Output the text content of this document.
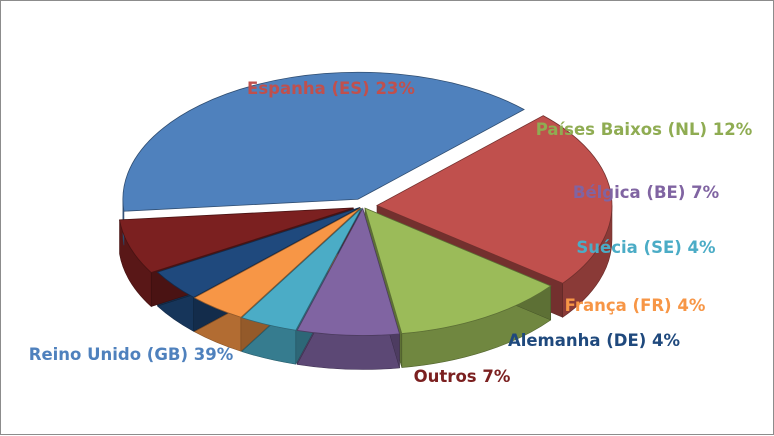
Espanha (ES) 23%
Países Baixos (NL) 12%
Bélgica (BE) 7%
Suécia (SE) 4%
França (FR) 4%
Alemanha (DE) 4%
Outros 7%
Reino Unido (GB) 39%
